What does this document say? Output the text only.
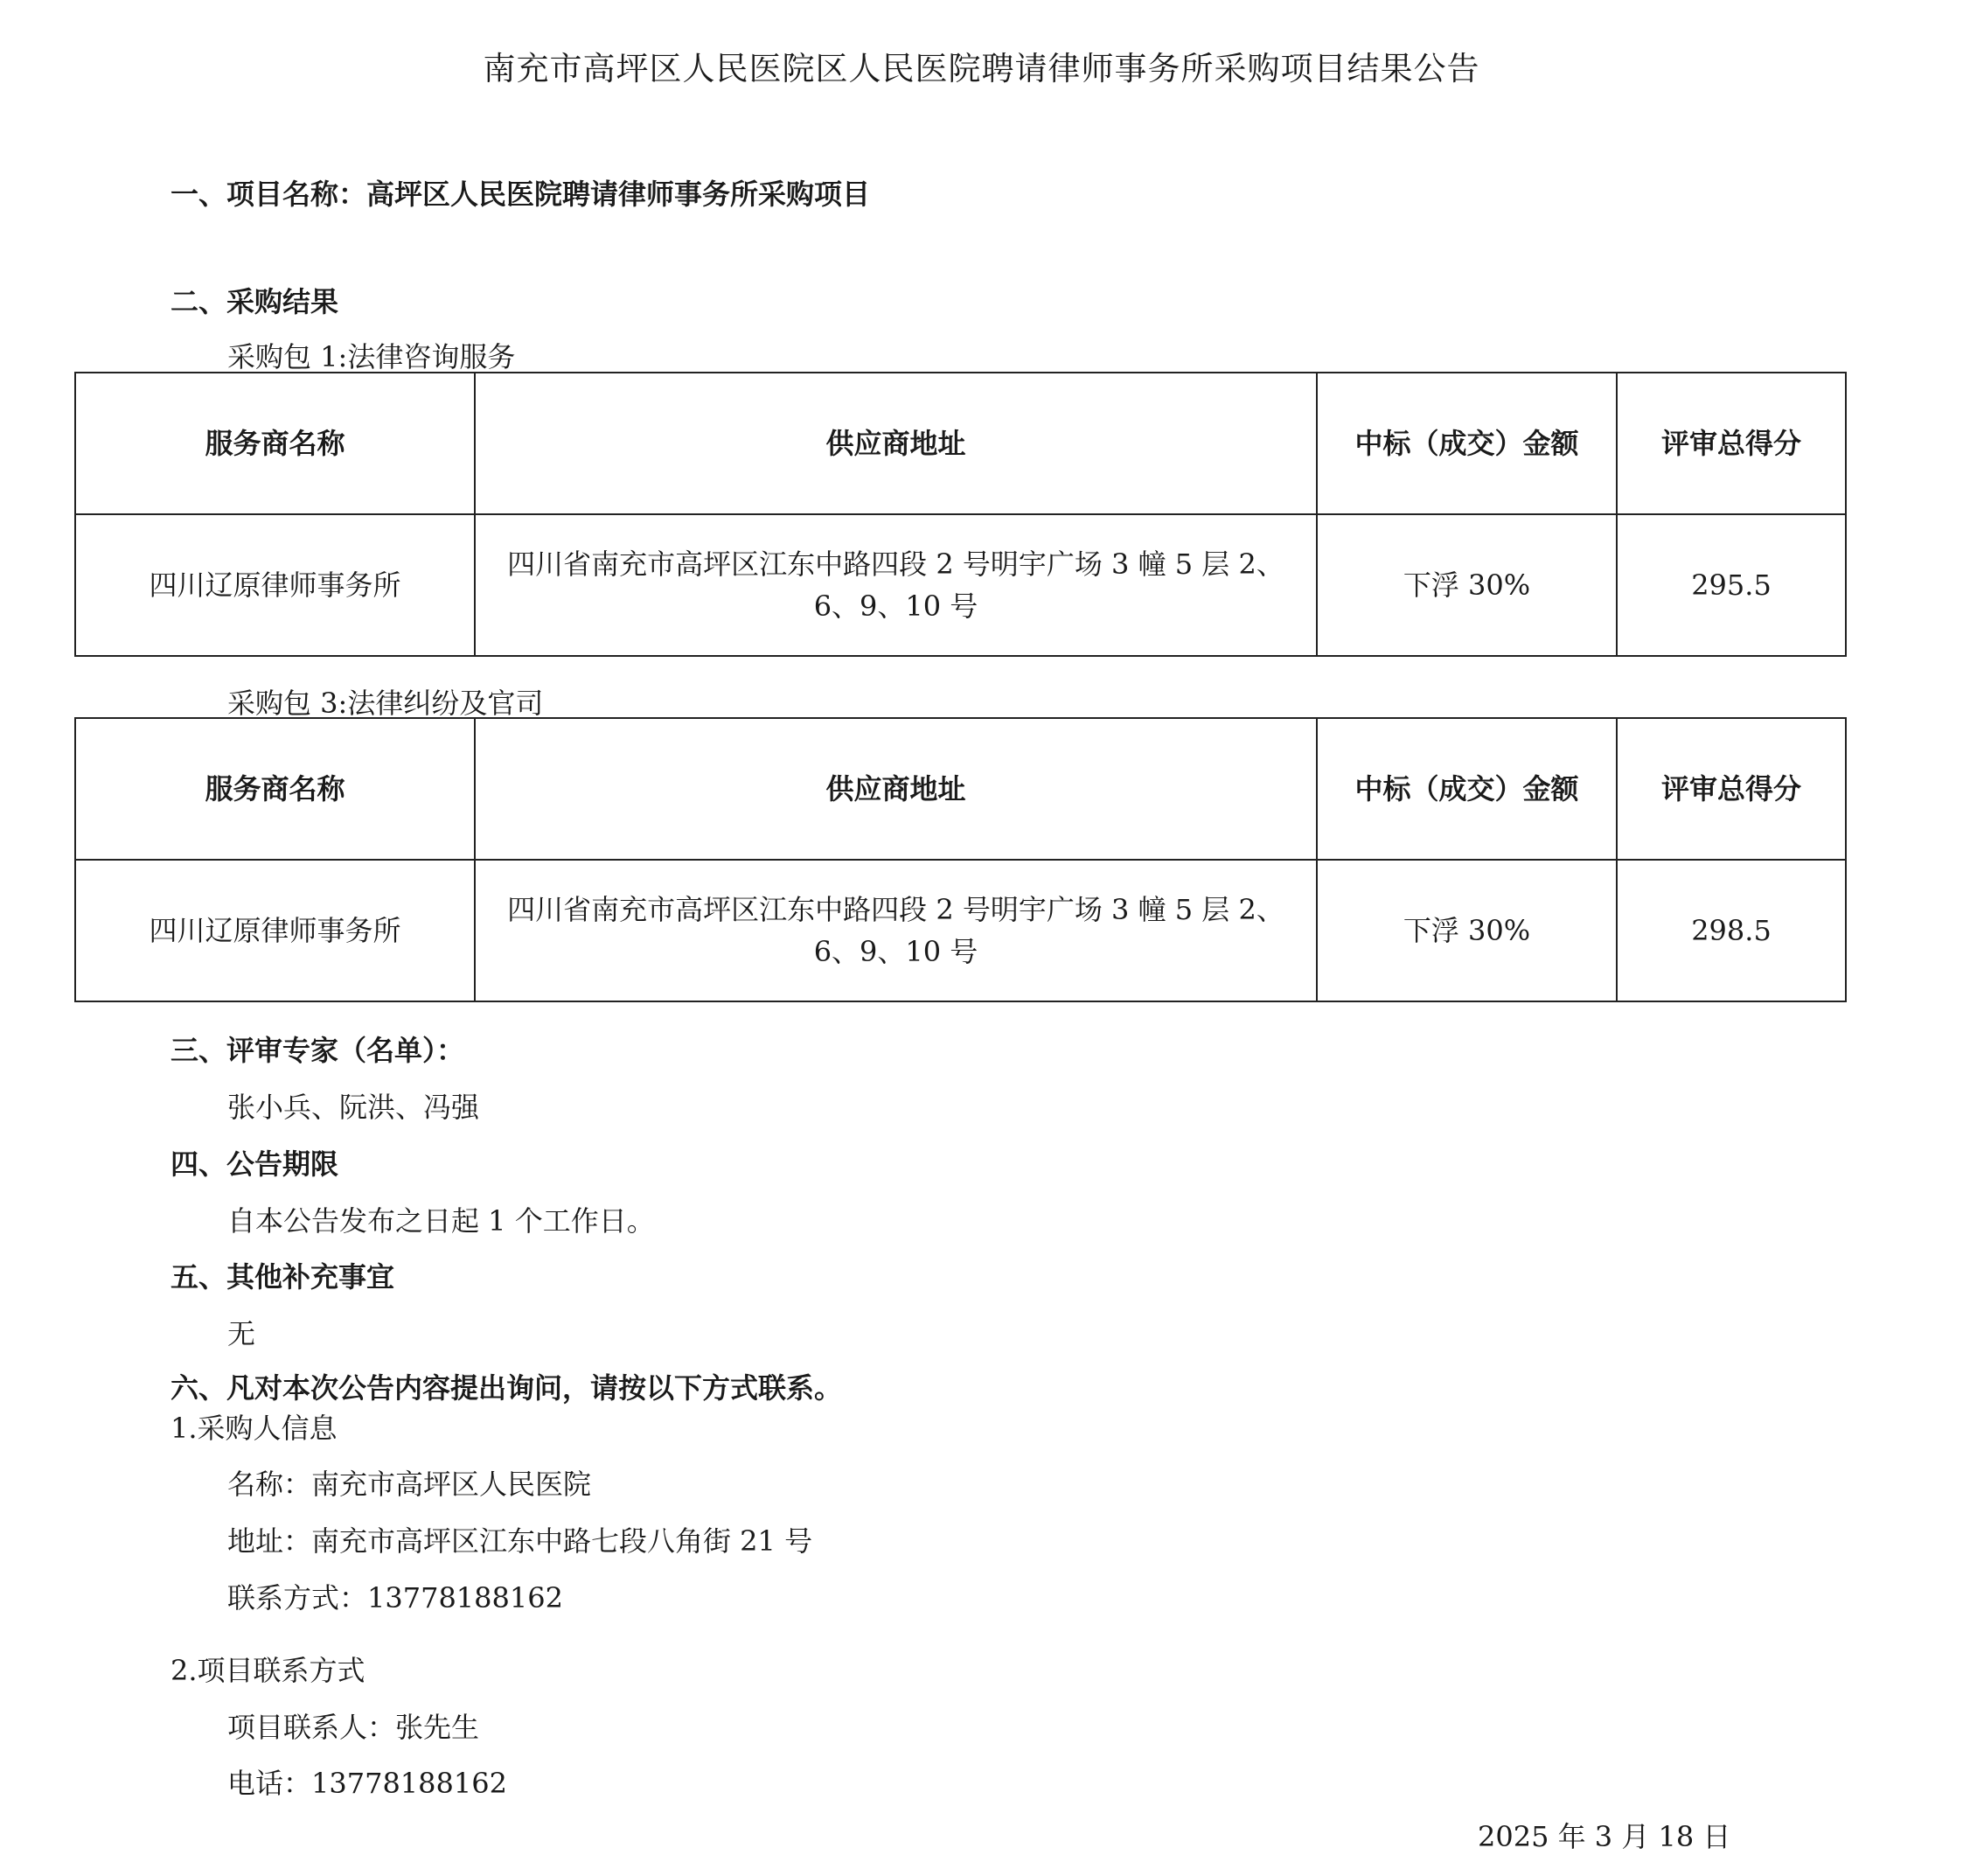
南充市高坪区人民医院区人民医院聘请律师事务所采购项目结果公告
一、项目名称：高坪区人民医院聘请律师事务所采购项目
二、采购结果
采购包 1:法律咨询服务
服务商名称	供应商地址	中标（成交）金额	评审总得分
四川辽原律师事务所	四川省南充市高坪区江东中路四段 2 号明宇广场 3 幢 5 层 2、6、9、10 号	下浮 30%	295.5
采购包 3:法律纠纷及官司
服务商名称	供应商地址	中标（成交）金额	评审总得分
四川辽原律师事务所	四川省南充市高坪区江东中路四段 2 号明宇广场 3 幢 5 层 2、6、9、10 号	下浮 30%	298.5
三、评审专家（名单）：
张小兵、阮洪、冯强
四、公告期限
自本公告发布之日起 1 个工作日。
五、其他补充事宜
无
六、凡对本次公告内容提出询问，请按以下方式联系。
1.采购人信息
名称：南充市高坪区人民医院
地址：南充市高坪区江东中路七段八角街 21 号
联系方式：13778188162
2.项目联系方式
项目联系人：张先生
电话：13778188162
2025 年 3 月 18 日
